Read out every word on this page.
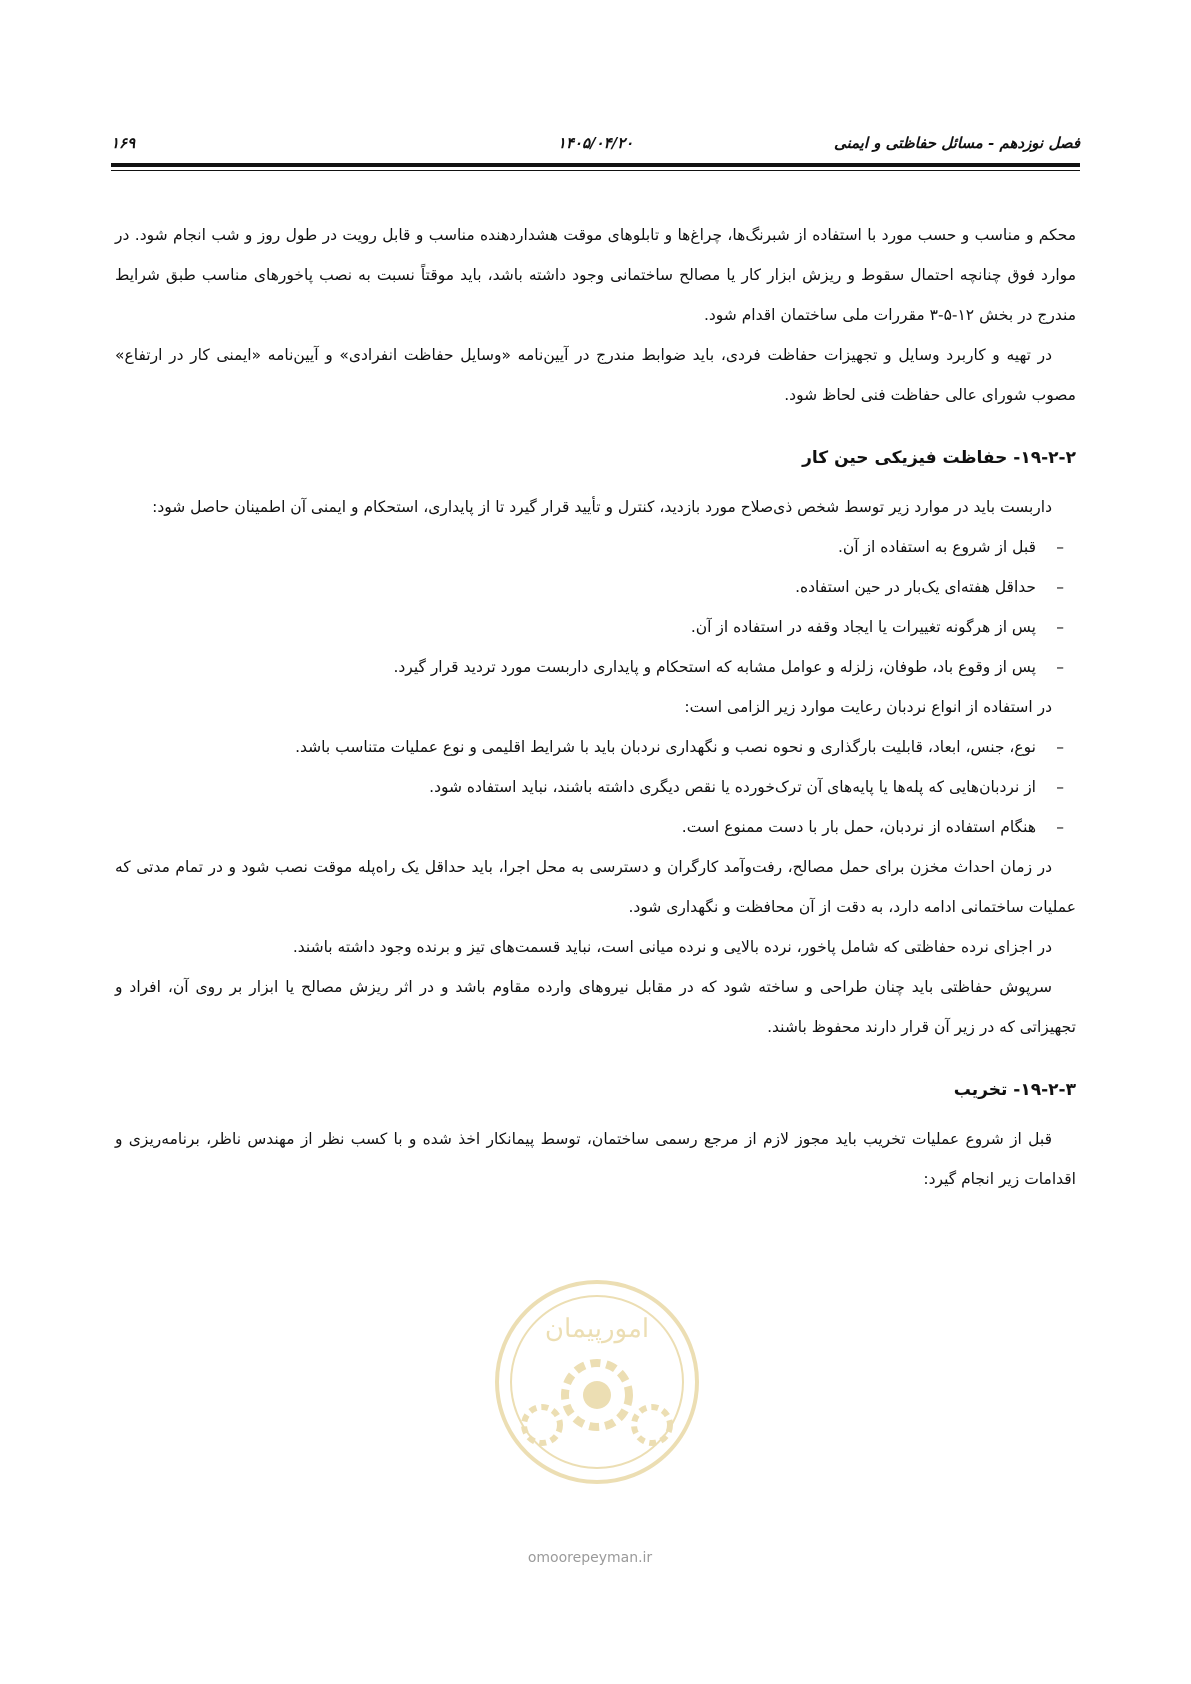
فصل نوزدهم - مسائل حفاظتی و ایمنی
۱۴۰۵/۰۴/۲۰
۱۶۹

محکم و مناسب و حسب مورد با استفاده از شبرنگ‌ها، چراغ‌ها و تابلوهای موقت هشداردهنده مناسب و قابل رویت در طول روز و شب انجام شود. در موارد فوق چنانچه احتمال سقوط و ریزش ابزار کار یا مصالح ساختمانی وجود داشته باشد، باید موقتاً نسبت به نصب پاخورهای مناسب طبق شرایط مندرج در بخش ۱۲-۵-۳ مقررات ملی ساختمان اقدام شود.

در تهیه و کاربرد وسایل و تجهیزات حفاظت فردی، باید ضوابط مندرج در آیین‌نامه «وسایل حفاظت انفرادی» و آیین‌نامه «ایمنی کار در ارتفاع» مصوب شورای عالی حفاظت فنی لحاظ شود.

۱۹-۲-۲- حفاظت فیزیکی حین کار

داربست باید در موارد زیر توسط شخص ذی‌صلاح مورد بازدید، کنترل و تأیید قرار گیرد تا از پایداری، استحکام و ایمنی آن اطمینان حاصل شود:

– قبل از شروع به استفاده از آن.
– حداقل هفته‌ای یک‌بار در حین استفاده.
– پس از هرگونه تغییرات یا ایجاد وقفه در استفاده از آن.
– پس از وقوع باد، طوفان، زلزله و عوامل مشابه که استحکام و پایداری داربست مورد تردید قرار گیرد.

در استفاده از انواع نردبان رعایت موارد زیر الزامی است:

– نوع، جنس، ابعاد، قابلیت بارگذاری و نحوه نصب و نگهداری نردبان باید با شرایط اقلیمی و نوع عملیات متناسب باشد.
– از نردبان‌هایی که پله‌ها یا پایه‌های آن ترک‌خورده یا نقص دیگری داشته باشند، نباید استفاده شود.
– هنگام استفاده از نردبان، حمل بار با دست ممنوع است.

در زمان احداث مخزن برای حمل مصالح، رفت‌وآمد کارگران و دسترسی به محل اجرا، باید حداقل یک راه‌پله موقت نصب شود و در تمام مدتی که عملیات ساختمانی ادامه دارد، به دقت از آن محافظت و نگهداری شود.

در اجزای نرده حفاظتی که شامل پاخور، نرده بالایی و نرده میانی است، نباید قسمت‌های تیز و برنده وجود داشته باشند.

سرپوش حفاظتی باید چنان طراحی و ساخته شود که در مقابل نیروهای وارده مقاوم باشد و در اثر ریزش مصالح یا ابزار بر روی آن، افراد و تجهیزاتی که در زیر آن قرار دارند محفوظ باشند.

۱۹-۲-۳- تخریب

قبل از شروع عملیات تخریب باید مجوز لازم از مرجع رسمی ساختمان، توسط پیمانکار اخذ شده و با کسب نظر از مهندس ناظر، برنامه‌ریزی و اقدامات زیر انجام گیرد:

امورپیمان
omoorepeyman.ir
